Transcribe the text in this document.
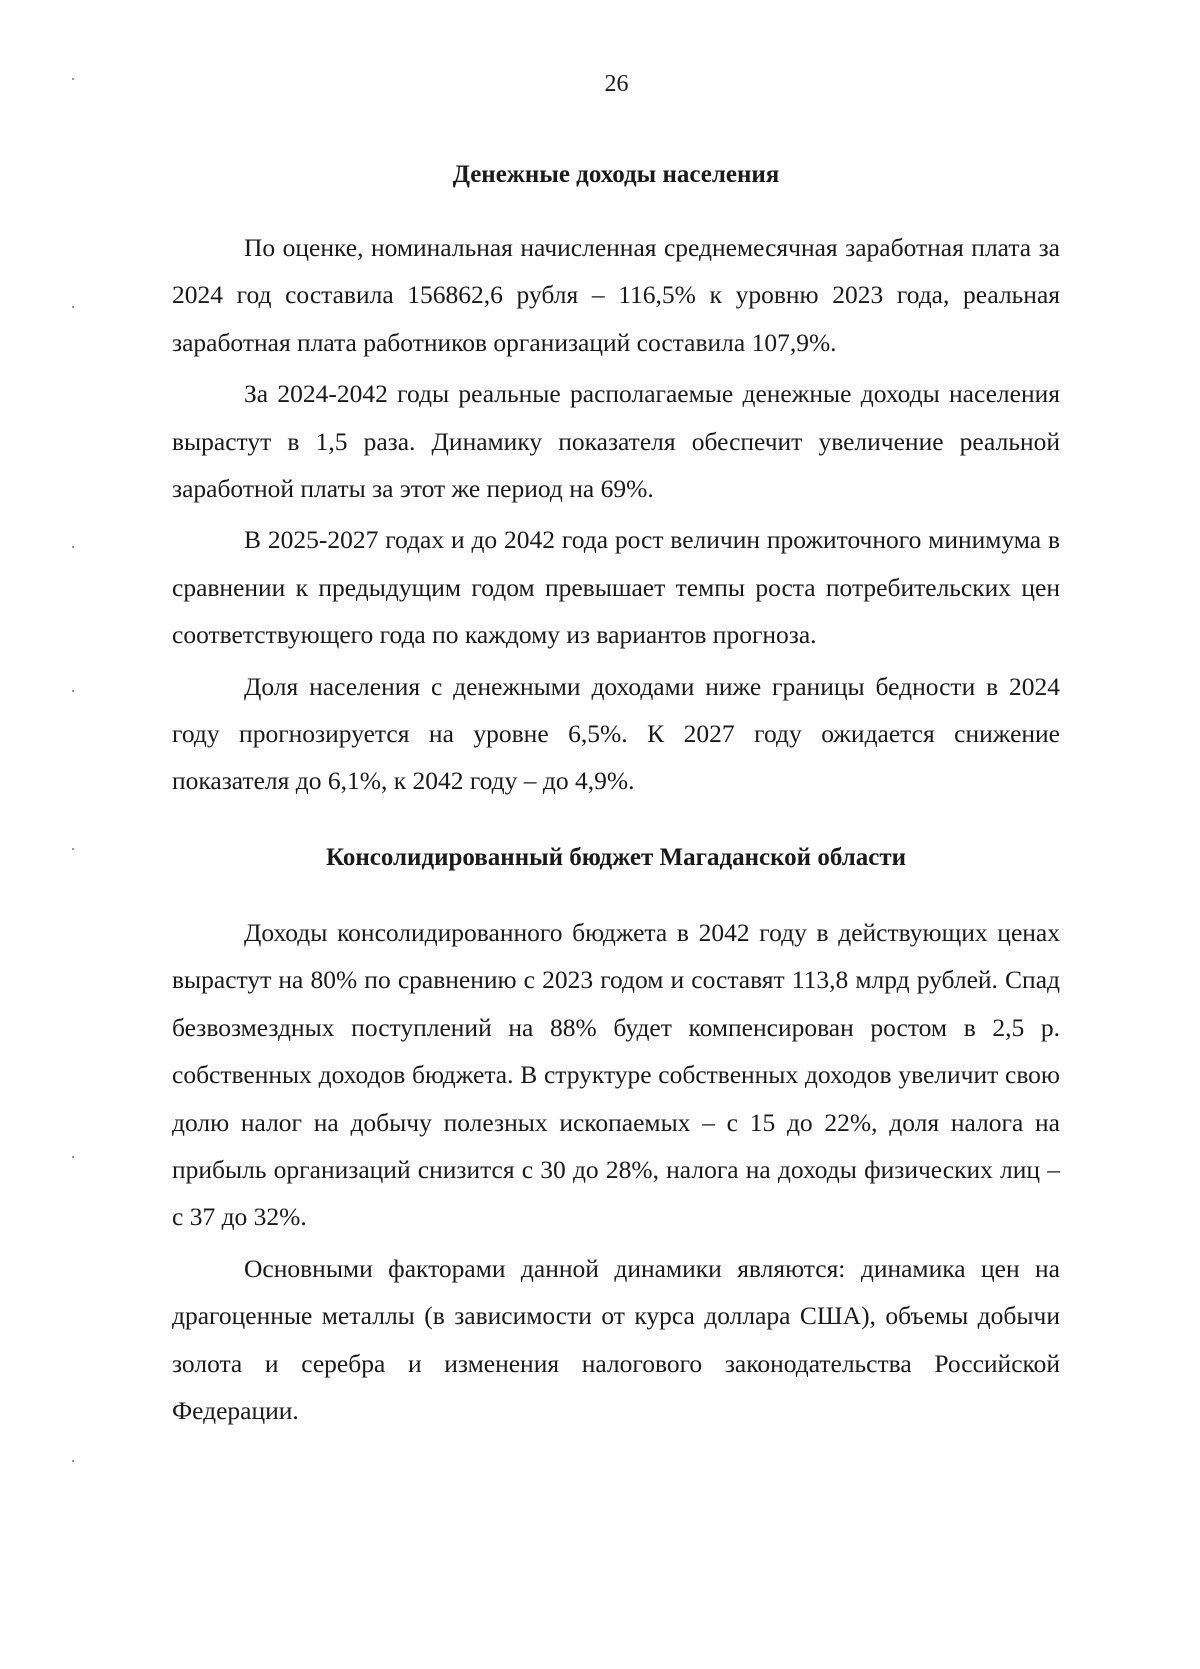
26
Денежные доходы населения

По оценке, номинальная начисленная среднемесячная заработная плата за 2024 год составила 156862,6 рубля – 116,5% к уровню 2023 года, реальная заработная плата работников организаций составила 107,9%.

За 2024-2042 годы реальные располагаемые денежные доходы населения вырастут в 1,5 раза. Динамику показателя обеспечит увеличение реальной заработной платы за этот же период на 69%.

В 2025-2027 годах и до 2042 года рост величин прожиточного минимума в сравнении к предыдущим годом превышает темпы роста потребительских цен соответствующего года по каждому из вариантов прогноза.

Доля населения с денежными доходами ниже границы бедности в 2024 году прогнозируется на уровне 6,5%. К 2027 году ожидается снижение показателя до 6,1%, к 2042 году – до 4,9%.

Консолидированный бюджет Магаданской области

Доходы консолидированного бюджета в 2042 году в действующих ценах вырастут на 80% по сравнению с 2023 годом и составят 113,8 млрд рублей. Спад безвозмездных поступлений на 88% будет компенсирован ростом в 2,5 р. собственных доходов бюджета. В структуре собственных доходов увеличит свою долю налог на добычу полезных ископаемых – с 15 до 22%, доля налога на прибыль организаций снизится с 30 до 28%, налога на доходы физических лиц – с 37 до 32%.

Основными факторами данной динамики являются: динамика цен на драгоценные металлы (в зависимости от курса доллара США), объемы добычи золота и серебра и изменения налогового законодательства Российской Федерации.
